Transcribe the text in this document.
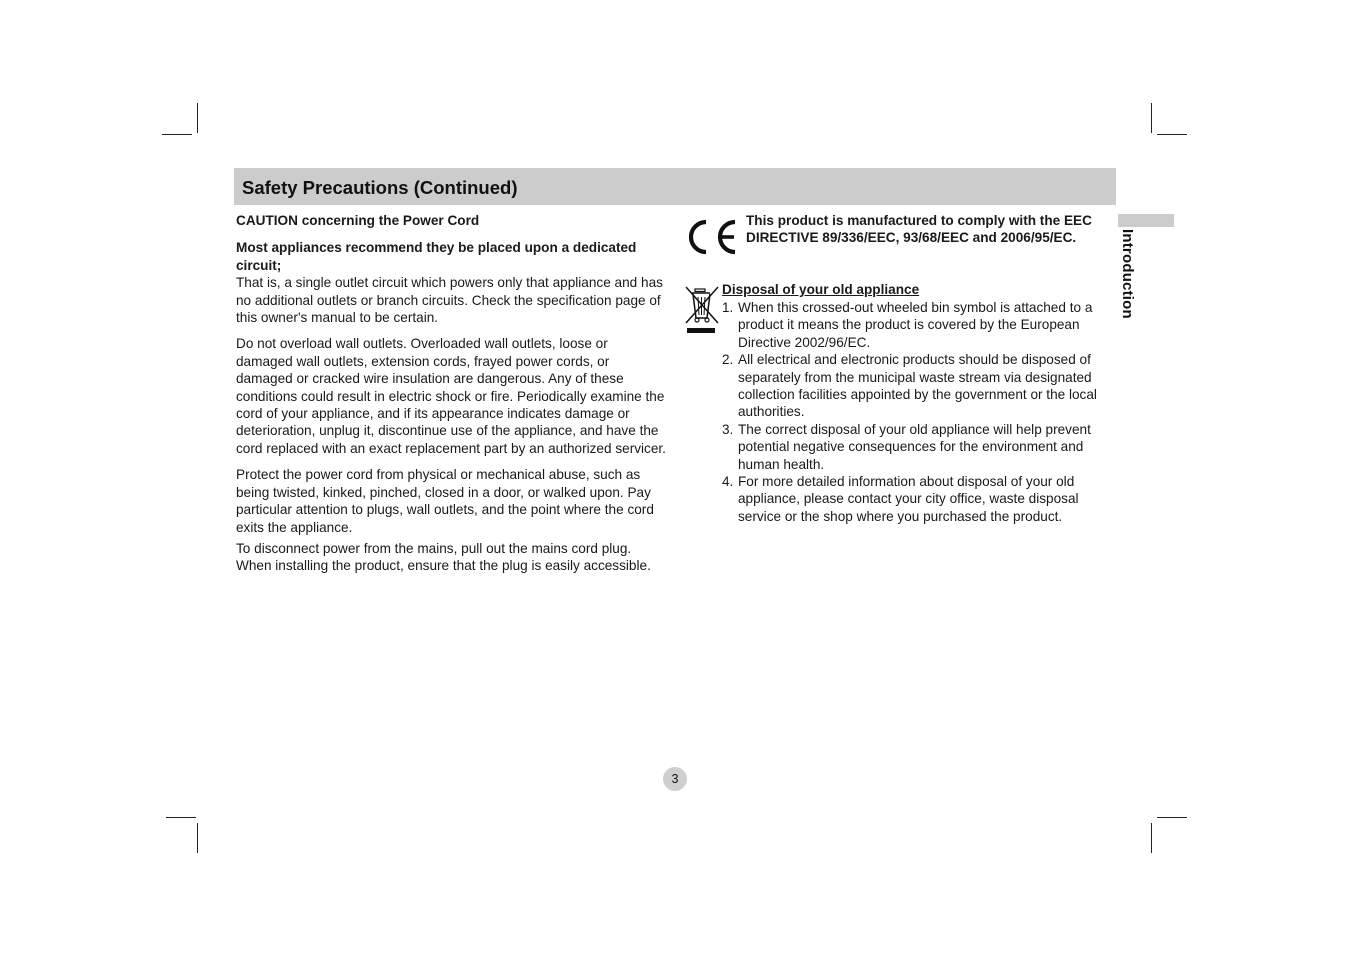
Safety Precautions (Continued)
Introduction

CAUTION concerning the Power Cord

Most appliances recommend they be placed upon a dedicated circuit;

That is, a single outlet circuit which powers only that appliance and has no additional outlets or branch circuits. Check the specification page of this owner's manual to be certain.

Do not overload wall outlets. Overloaded wall outlets, loose or damaged wall outlets, extension cords, frayed power cords, or damaged or cracked wire insulation are dangerous. Any of these conditions could result in electric shock or fire. Periodically examine the cord of your appliance, and if its appearance indicates damage or deterioration, unplug it, discontinue use of the appliance, and have the cord replaced with an exact replacement part by an authorized servicer.

Protect the power cord from physical or mechanical abuse, such as being twisted, kinked, pinched, closed in a door, or walked upon. Pay particular attention to plugs, wall outlets, and the point where the cord exits the appliance.

To disconnect power from the mains, pull out the mains cord plug. When installing the product, ensure that the plug is easily accessible.

This product is manufactured to comply with the EEC DIRECTIVE 89/336/EEC, 93/68/EEC and 2006/95/EC.

Disposal of your old appliance

1. When this crossed-out wheeled bin symbol is attached to a product it means the product is covered by the European Directive 2002/96/EC.
2. All electrical and electronic products should be disposed of separately from the municipal waste stream via designated collection facilities appointed by the government or the local authorities.
3. The correct disposal of your old appliance will help prevent potential negative consequences for the environment and human health.
4. For more detailed information about disposal of your old appliance, please contact your city office, waste disposal service or the shop where you purchased the product.
3
